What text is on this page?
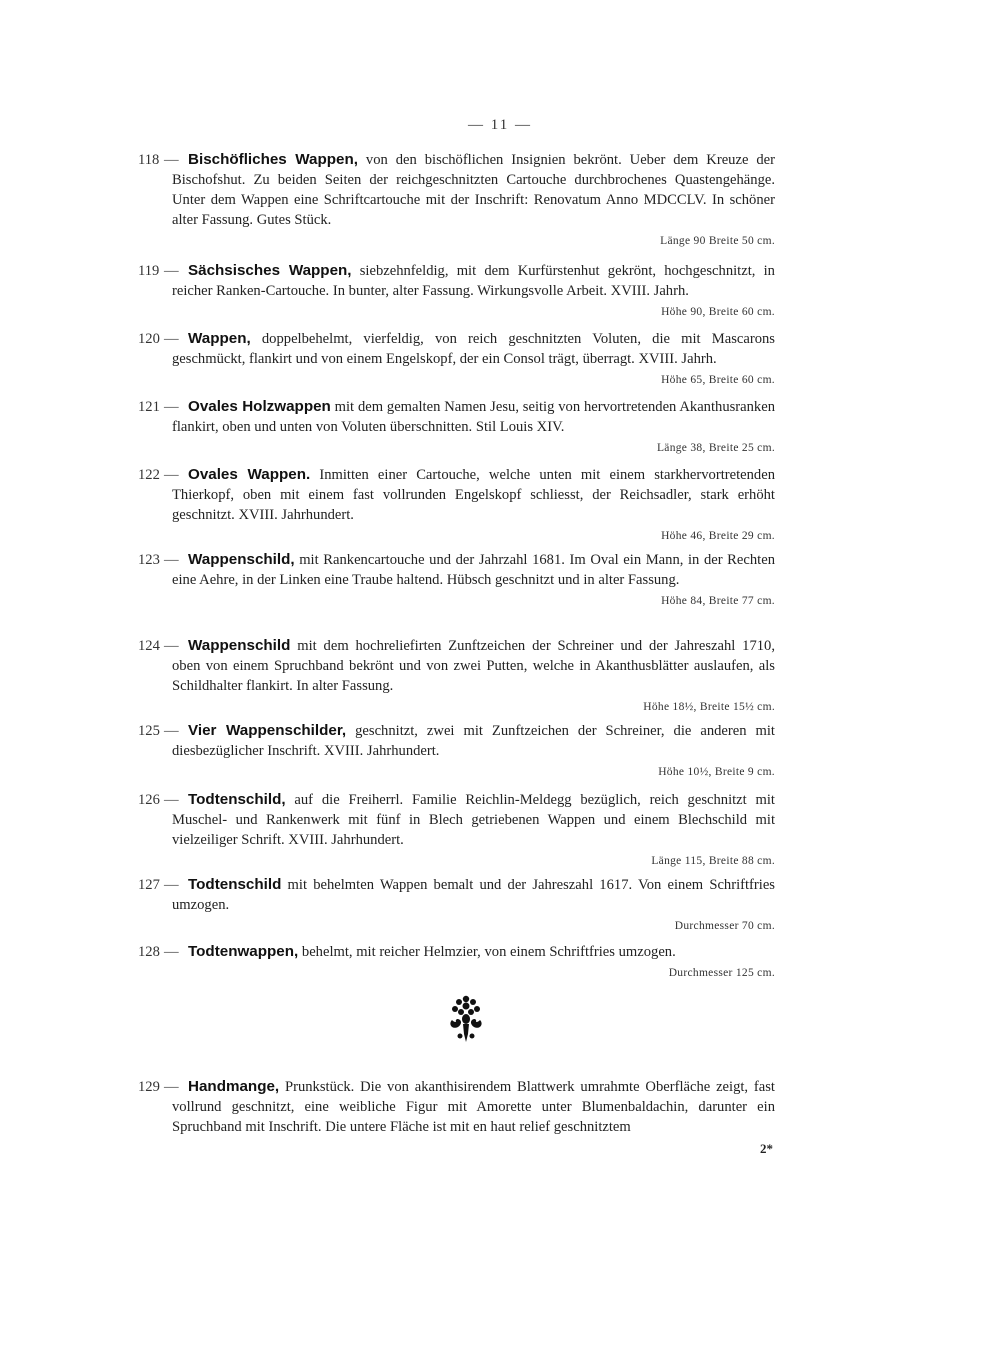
— 11 —
118 — Bischöfliches Wappen, von den bischöflichen Insignien bekrönt. Ueber dem Kreuze der Bischofshut. Zu beiden Seiten der reichgeschnitzten Cartouche durchbrochenes Quastengehänge. Unter dem Wappen eine Schriftcartouche mit der Inschrift: Renovatum Anno MDCCLV. In schöner alter Fassung. Gutes Stück.
Länge 90 Breite 50 cm.
119 — Sächsisches Wappen, siebzehnfeldig, mit dem Kurfürstenhut gekrönt, hochgeschnitzt, in reicher Ranken-Cartouche. In bunter, alter Fassung. Wirkungsvolle Arbeit. XVIII. Jahrh.
Höhe 90, Breite 60 cm.
120 — Wappen, doppelbehelmt, vierfeldig, von reich geschnitzten Voluten, die mit Mascarons geschmückt, flankirt und von einem Engelskopf, der ein Consol trägt, überragt. XVIII. Jahrh.
Höhe 65, Breite 60 cm.
121 — Ovales Holzwappen mit dem gemalten Namen Jesu, seitig von hervortretenden Akanthusranken flankirt, oben und unten von Voluten überschnitten. Stil Louis XIV.
Länge 38, Breite 25 cm.
122 — Ovales Wappen. Inmitten einer Cartouche, welche unten mit einem starkhervortretenden Thierkopf, oben mit einem fast vollrunden Engelskopf schliesst, der Reichsadler, stark erhöht geschnitzt. XVIII. Jahrhundert.
Höhe 46, Breite 29 cm.
123 — Wappenschild, mit Rankencartouche und der Jahrzahl 1681. Im Oval ein Mann, in der Rechten eine Aehre, in der Linken eine Traube haltend. Hübsch geschnitzt und in alter Fassung.
Höhe 84, Breite 77 cm.
124 — Wappenschild mit dem hochreliefirten Zunftzeichen der Schreiner und der Jahreszahl 1710, oben von einem Spruchband bekrönt und von zwei Putten, welche in Akanthusblätter auslaufen, als Schildhalter flankirt. In alter Fassung.
Höhe 18½, Breite 15½ cm.
125 — Vier Wappenschilder, geschnitzt, zwei mit Zunftzeichen der Schreiner, die anderen mit diesbezüglicher Inschrift. XVIII. Jahrhundert.
Höhe 10½, Breite 9 cm.
126 — Todtenschild, auf die Freiherrl. Familie Reichlin-Meldegg bezüglich, reich geschnitzt mit Muschel- und Rankenwerk mit fünf in Blech getriebenen Wappen und einem Blechschild mit vielzeiliger Schrift. XVIII. Jahrhundert.
Länge 115, Breite 88 cm.
127 — Todtenschild mit behelmten Wappen bemalt und der Jahreszahl 1617. Von einem Schriftfries umzogen.
Durchmesser 70 cm.
128 — Todtenwappen, behelmt, mit reicher Helmzier, von einem Schriftfries umzogen.
Durchmesser 125 cm.
129 — Handmange, Prunkstück. Die von akanthisirendem Blattwerk umrahmte Oberfläche zeigt, fast vollrund geschnitzt, eine weibliche Figur mit Amorette unter Blumenbaldachin, darunter ein Spruchband mit Inschrift. Die untere Fläche ist mit en haut relief geschnitztem
2*
